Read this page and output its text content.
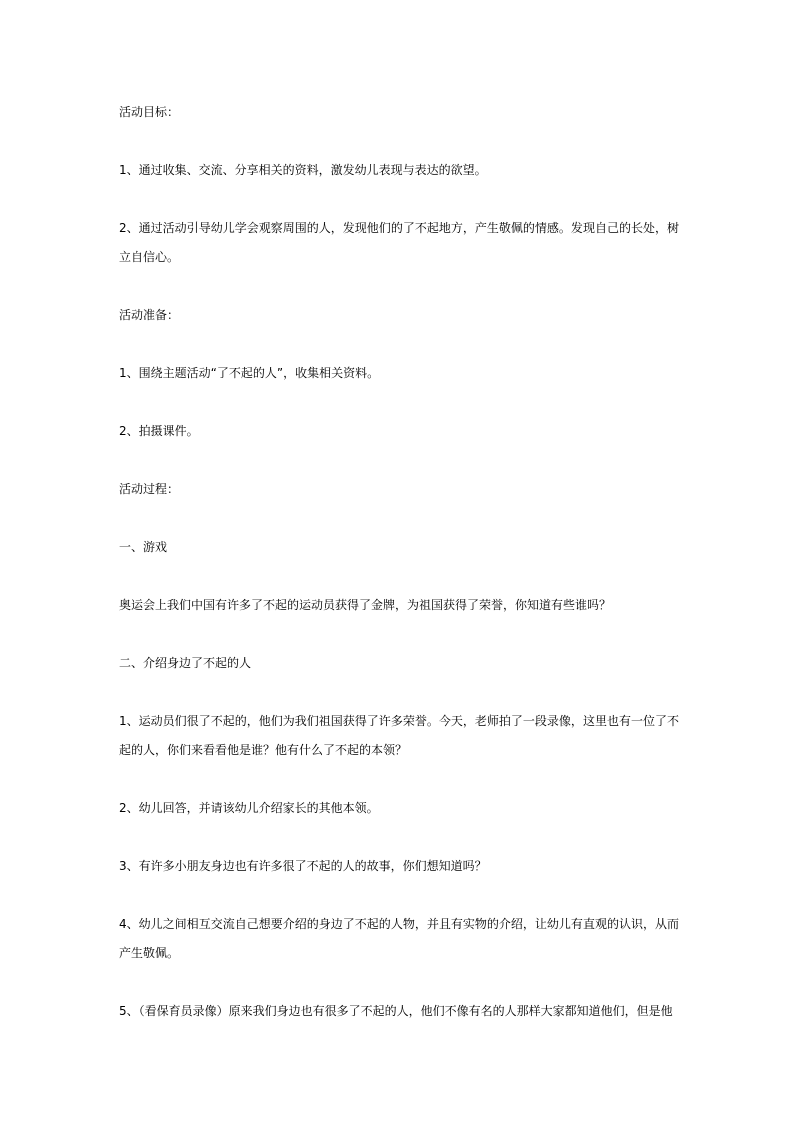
活动目标：

1、通过收集、交流、分享相关的资料，激发幼儿表现与表达的欲望。

2、通过活动引导幼儿学会观察周围的人，发现他们的了不起地方，产生敬佩的情感。发现自己的长处，树立自信心。

活动准备：

1、围绕主题活动“了不起的人”，收集相关资料。

2、拍摄课件。

活动过程：

一、游戏

奥运会上我们中国有许多了不起的运动员获得了金牌，为祖国获得了荣誉，你知道有些谁吗？

二、介绍身边了不起的人

1、运动员们很了不起的，他们为我们祖国获得了许多荣誉。今天，老师拍了一段录像，这里也有一位了不起的人，你们来看看他是谁？他有什么了不起的本领？

2、幼儿回答，并请该幼儿介绍家长的其他本领。

3、有许多小朋友身边也有许多很了不起的人的故事，你们想知道吗？

4、幼儿之间相互交流自己想要介绍的身边了不起的人物，并且有实物的介绍，让幼儿有直观的认识，从而产生敬佩。

5、（看保育员录像）原来我们身边也有很多了不起的人，他们不像有名的人那样大家都知道他们，但是他
